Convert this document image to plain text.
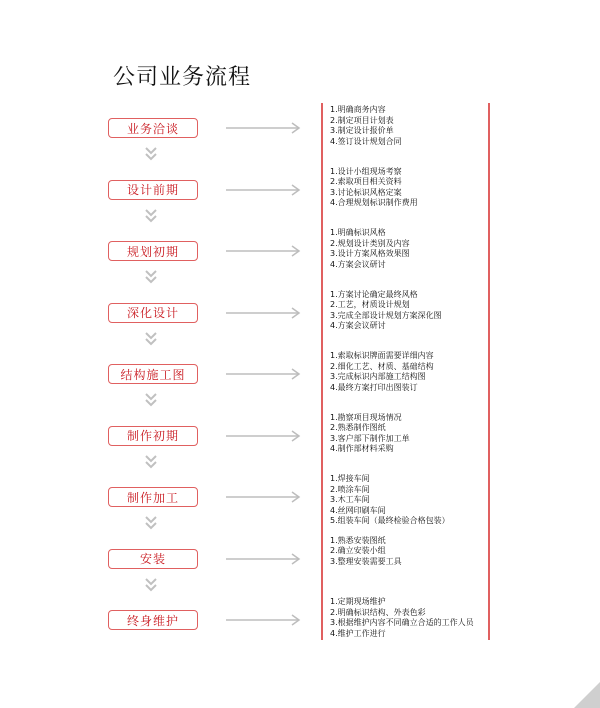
公司业务流程
业务洽谈
1.明确商务内容
2.制定项目计划表
3.制定设计报价单
4.签订设计规划合同
设计前期
1.设计小组现场考察
2.索取项目相关资料
3.讨论标识风格定案
4.合理规划标识制作费用
规划初期
1.明确标识风格
2.规划设计类别及内容
3.设计方案风格效果图
4.方案会议研讨
深化设计
1.方案讨论确定最终风格
2.工艺，材质设计规划
3.完成全部设计规划方案深化图
4.方案会议研讨
结构施工图
1.索取标识牌面需要详细内容
2.细化工艺、材质、基础结构
3.完成标识内部施工结构图
4.最终方案打印出图装订
制作初期
1.勘察项目现场情况
2.熟悉制作图纸
3.客户部下制作加工单
4.制作部材料采购
制作加工
1.焊接车间
2.喷涂车间
3.木工车间
4.丝网印刷车间
5.组装车间（最终检验合格包装）
安装
1.熟悉安装图纸
2.确立安装小组
3.整理安装需要工具
终身维护
1.定期现场维护
2.明确标识结构、外表色彩
3.根据维护内容不同确立合适的工作人员
4.维护工作进行
